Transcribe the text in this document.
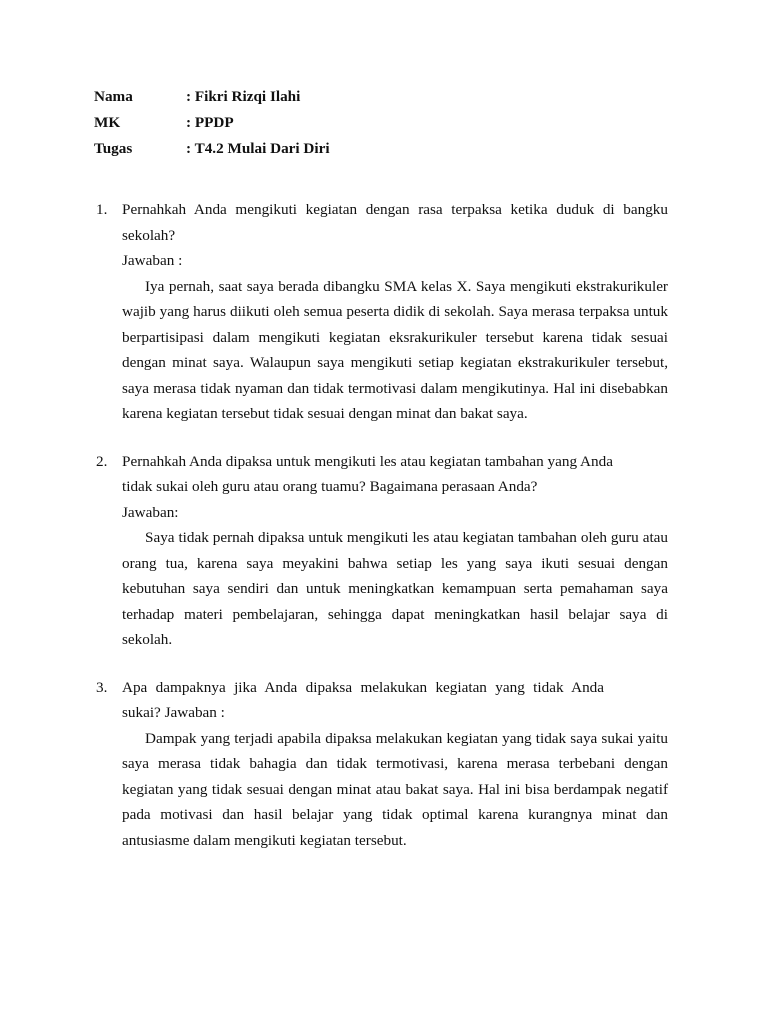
Nama	: Fikri Rizqi Ilahi
MK	: PPDP
Tugas	: T4.2 Mulai Dari Diri
1. Pernahkah Anda mengikuti kegiatan dengan rasa terpaksa ketika duduk di bangku sekolah?
Jawaban :
Iya pernah, saat saya berada dibangku SMA kelas X. Saya mengikuti ekstrakurikuler wajib yang harus diikuti oleh semua peserta didik di sekolah. Saya merasa terpaksa untuk berpartisipasi dalam mengikuti kegiatan eksrakurikuler tersebut karena tidak sesuai dengan minat saya. Walaupun saya mengikuti setiap kegiatan ekstrakurikuler tersebut, saya merasa tidak nyaman dan tidak termotivasi dalam mengikutinya. Hal ini disebabkan karena kegiatan tersebut tidak sesuai dengan minat dan bakat saya.
2. Pernahkah Anda dipaksa untuk mengikuti les atau kegiatan tambahan yang Anda
tidak sukai oleh guru atau orang tuamu? Bagaimana perasaan Anda?
Jawaban:
Saya tidak pernah dipaksa untuk mengikuti les atau kegiatan tambahan oleh guru atau orang tua, karena saya meyakini bahwa setiap les yang saya ikuti sesuai dengan kebutuhan saya sendiri dan untuk meningkatkan kemampuan serta pemahaman saya terhadap materi pembelajaran, sehingga dapat meningkatkan hasil belajar saya di sekolah.
3. Apa dampaknya jika Anda dipaksa melakukan kegiatan yang tidak Anda
sukai? Jawaban :
Dampak yang terjadi apabila dipaksa melakukan kegiatan yang tidak saya sukai yaitu saya merasa tidak bahagia dan tidak termotivasi, karena merasa terbebani dengan kegiatan yang tidak sesuai dengan minat atau bakat saya. Hal ini bisa berdampak negatif pada motivasi dan hasil belajar yang tidak optimal karena kurangnya minat dan antusiasme dalam mengikuti kegiatan tersebut.
